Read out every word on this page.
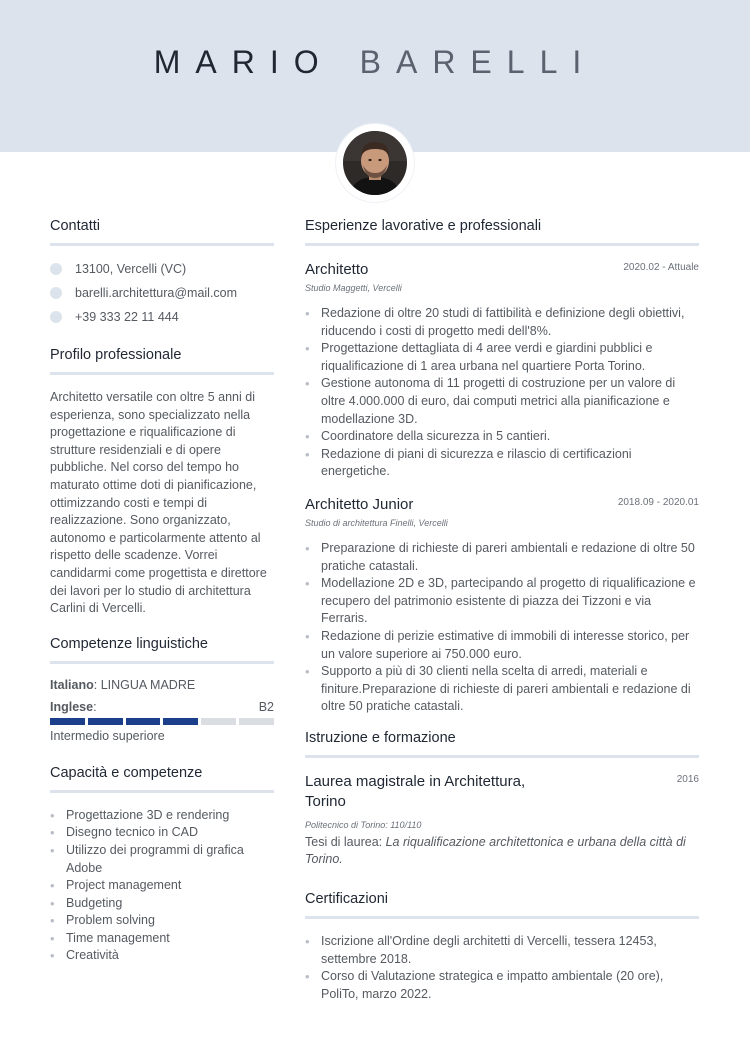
MARIO BARELLI
Contatti
13100, Vercelli (VC)
barelli.architettura@mail.com
+39 333 22 11 444
Profilo professionale

Architetto versatile con oltre 5 anni di esperienza, sono specializzato nella progettazione e riqualificazione di strutture residenziali e di opere pubbliche. Nel corso del tempo ho maturato ottime doti di pianificazione, ottimizzando costi e tempi di realizzazione. Sono organizzato, autonomo e particolarmente attento al rispetto delle scadenze. Vorrei candidarmi come progettista e direttore dei lavori per lo studio di architettura Carlini di Vercelli.

Competenze linguistiche
Italiano: LINGUA MADRE
Inglese:	B2
Intermedio superiore
Capacità e competenze
• Progettazione 3D e rendering
• Disegno tecnico in CAD
• Utilizzo dei programmi di grafica Adobe
• Project management
• Budgeting
• Problem solving
• Time management
• Creatività
Esperienze lavorative e professionali
Architetto	2020.02 - Attuale
Studio Maggetti, Vercelli
• Redazione di oltre 20 studi di fattibilità e definizione degli obiettivi, riducendo i costi di progetto medi dell'8%.
• Progettazione dettagliata di 4 aree verdi e giardini pubblici e riqualificazione di 1 area urbana nel quartiere Porta Torino.
• Gestione autonoma di 11 progetti di costruzione per un valore di oltre 4.000.000 di euro, dai computi metrici alla pianificazione e modellazione 3D.
• Coordinatore della sicurezza in 5 cantieri.
• Redazione di piani di sicurezza e rilascio di certificazioni energetiche.
Architetto Junior	2018.09 - 2020.01
Studio di architettura Finelli, Vercelli
• Preparazione di richieste di pareri ambientali e redazione di oltre 50 pratiche catastali.
• Modellazione 2D e 3D, partecipando al progetto di riqualificazione e recupero del patrimonio esistente di piazza dei Tizzoni e via Ferraris.
• Redazione di perizie estimative di immobili di interesse storico, per un valore superiore ai 750.000 euro.
• Supporto a più di 30 clienti nella scelta di arredi, materiali e finiture.Preparazione di richieste di pareri ambientali e redazione di oltre 50 pratiche catastali.
Istruzione e formazione
Laurea magistrale in Architettura, Torino
2016
Politecnico di Torino: 110/110
Tesi di laurea: La riqualificazione architettonica e urbana della città di Torino.
Certificazioni
• Iscrizione all'Ordine degli architetti di Vercelli, tessera 12453, settembre 2018.
• Corso di Valutazione strategica e impatto ambientale (20 ore), PoliTo, marzo 2022.
